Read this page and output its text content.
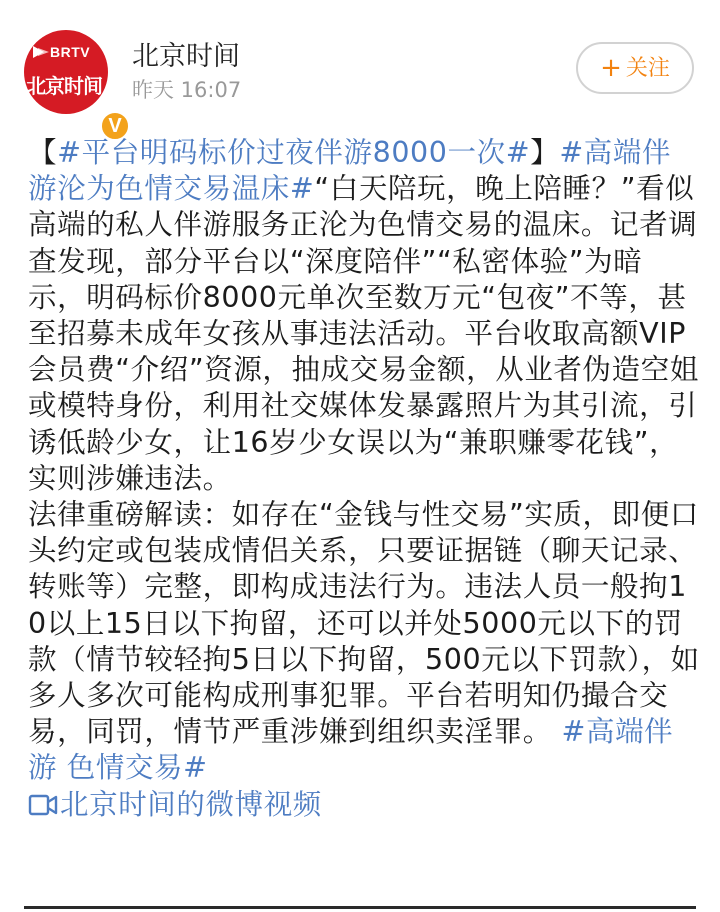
BRTV
北京时间
V
北京时间
昨天 16:07
+ 关注

【#平台明码标价过夜伴游8000一次#】#高端伴游沦为色情交易温床#“白天陪玩，晚上陪睡？”看似高端的私人伴游服务正沦为色情交易的温床。记者调查发现，部分平台以“深度陪伴”“私密体验”为暗示，明码标价8000元单次至数万元“包夜”不等，甚至招募未成年女孩从事违法活动。平台收取高额VIP会员费“介绍”资源，抽成交易金额，从业者伪造空姐或模特身份，利用社交媒体发暴露照片为其引流，引诱低龄少女，让16岁少女误以为“兼职赚零花钱”，实则涉嫌违法。

法律重磅解读：如存在“金钱与性交易”实质，即便口头约定或包装成情侣关系，只要证据链（聊天记录、转账等）完整，即构成违法行为。违法人员一般拘10以上15日以下拘留，还可以并处5000元以下的罚款（情节较轻拘5日以下拘留，500元以下罚款），如多人多次可能构成刑事犯罪。平台若明知仍撮合交易，同罚，情节严重涉嫌到组织卖淫罪。 #高端伴游 色情交易#

北京时间的微博视频
